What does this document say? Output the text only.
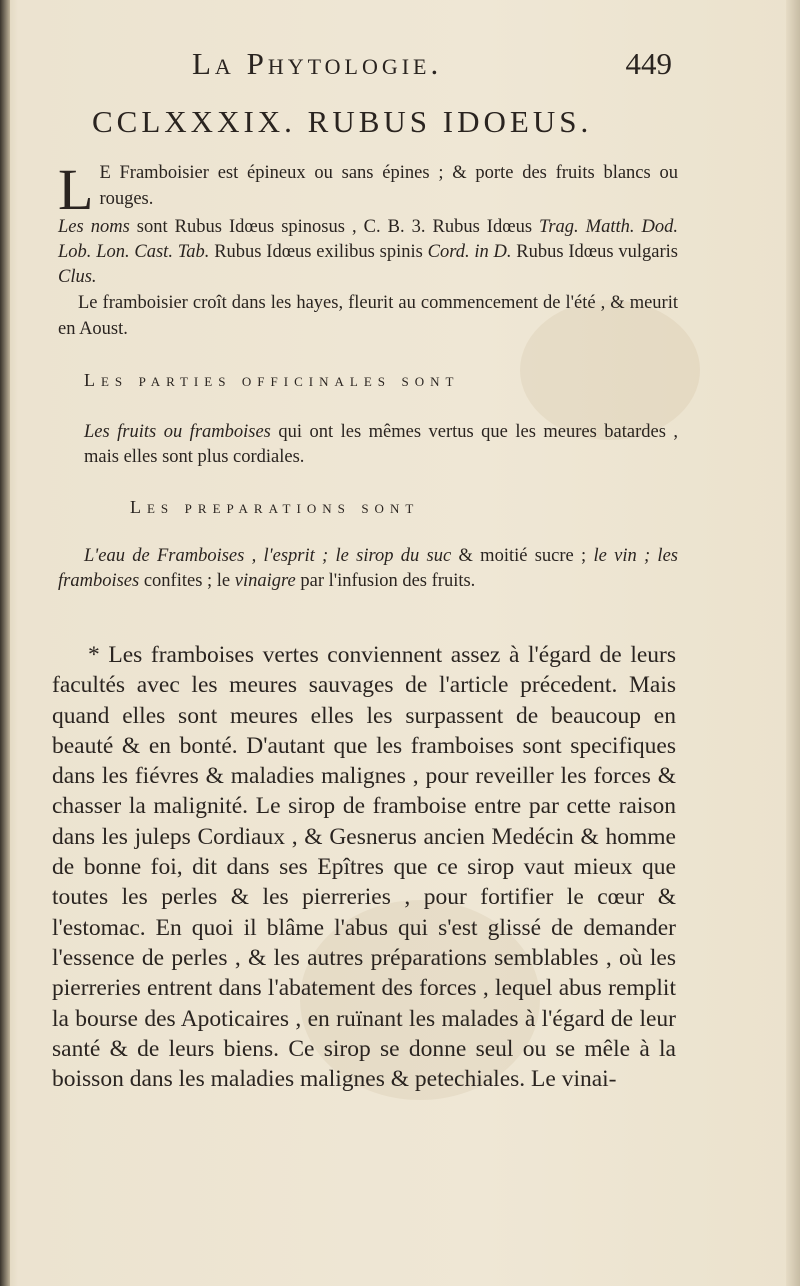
La Phytologie.	449
CCLXXXIX. RUBUS IDOEUS.
L E Framboisier est épineux ou sans épines ; & porte des fruits blancs ou rouges.
Les noms sont Rubus Idœus spinosus , C. B. 3. Rubus Idœus Trag. Matth. Dod. Lob. Lon. Cast. Tab. Rubus Idœus exilibus spinis Cord. in D. Rubus Idœus vulgaris Clus.
Le framboisier croît dans les hayes, fleurit au commencement de l'été , & meurit en Aoust.
Les parties officinales sont
Les fruits ou framboises qui ont les mêmes vertus que les meures batardes , mais elles sont plus cordiales.
Les preparations sont
L'eau de Framboises , l'esprit ; le sirop du suc & moitié sucre ; le vin ; les framboises confites ; le vinaigre par l'infusion des fruits.
* Les framboises vertes conviennent assez à l'égard de leurs facultés avec les meures sauvages de l'article précedent. Mais quand elles sont meures elles les surpassent de beaucoup en beauté & en bonté. D'autant que les framboises sont specifiques dans les fiévres & maladies malignes , pour reveiller les forces & chasser la malignité. Le sirop de framboise entre par cette raison dans les juleps Cordiaux , & Gesnerus ancien Medécin & homme de bonne foi, dit dans ses Epîtres que ce sirop vaut mieux que toutes les perles & les pierreries , pour fortifier le cœur & l'estomac. En quoi il blâme l'abus qui s'est glissé de demander l'essence de perles , & les autres préparations semblables , où les pierreries entrent dans l'abatement des forces , lequel abus remplit la bourse des Apoticaires , en ruïnant les malades à l'égard de leur santé & de leurs biens. Ce sirop se donne seul ou se mêle à la boisson dans les maladies malignes & petechiales. Le vinai-
